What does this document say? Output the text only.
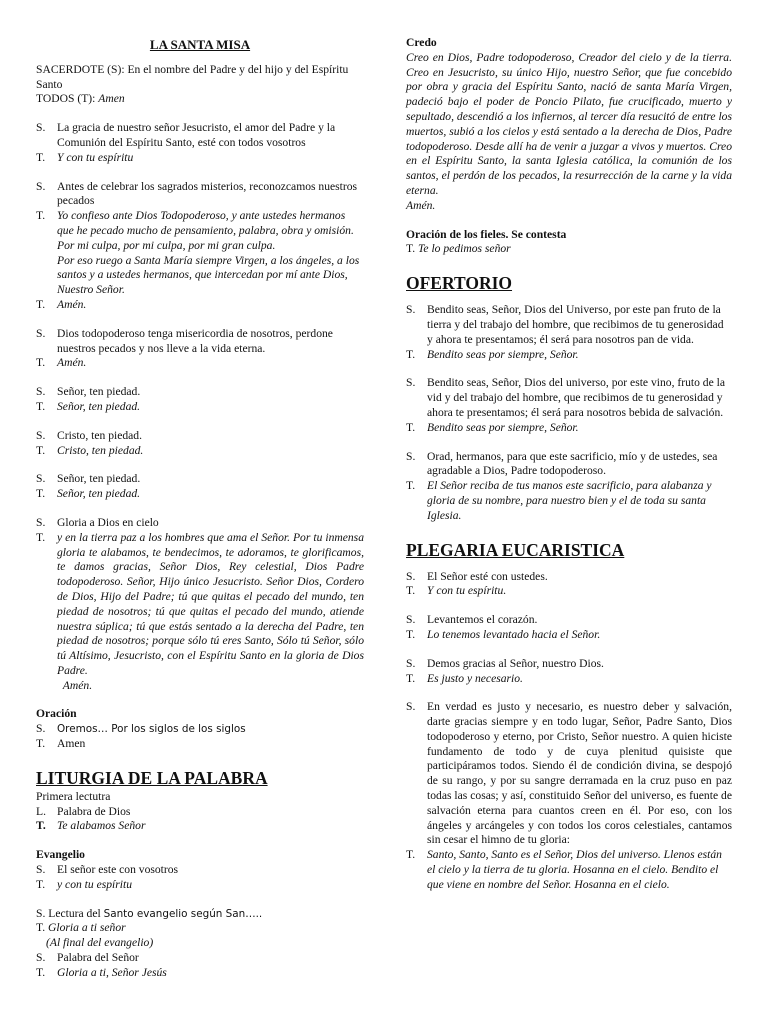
LA SANTA MISA

SACERDOTE (S): En el nombre del Padre y del hijo y del Espíritu Santo

TODOS (T): Amen

S.	La gracia de nuestro señor Jesucristo, el amor del Padre y la Comunión del Espíritu Santo, esté con todos vosotros
T.	Y con tu espíritu
S.	Antes de celebrar los sagrados misterios, reconozcamos nuestros pecados
T.	Yo confieso ante Dios Todopoderoso, y ante ustedes hermanos que he pecado mucho de pensamiento, palabra, obra y omisión.
Por mi culpa, por mi culpa, por mi gran culpa.
Por eso ruego a Santa María siempre Virgen, a los ángeles, a los santos y a ustedes hermanos, que intercedan por mí ante Dios, Nuestro Señor.
T.	Amén.
S.	Dios todopoderoso tenga misericordia de nosotros, perdone nuestros pecados y nos lleve a la vida eterna.
T.	Amén.
S.	Señor, ten piedad.
T.	Señor, ten piedad.
S.	Cristo, ten piedad.
T.	Cristo, ten piedad.
S.	Señor, ten piedad.
T.	Señor, ten piedad.
S.	Gloria a Dios en cielo
T.	y en la tierra paz a los hombres que ama el Señor. Por tu inmensa gloria te alabamos, te bendecimos, te adoramos, te glorificamos, te damos gracias, Señor Dios, Rey celestial, Dios Padre todopoderoso. Señor, Hijo único Jesucristo. Señor Dios, Cordero de Dios, Hijo del Padre; tú que quitas el pecado del mundo, ten piedad de nosotros; tú que quitas el pecado del mundo, atiende nuestra súplica; tú que estás sentado a la derecha del Padre, ten piedad de nosotros; porque sólo tú eres Santo, Sólo tú Señor, sólo tú Altísimo, Jesucristo, con el Espíritu Santo en la gloria de Dios Padre.
Amén.

Oración

S.	Oremos… Por los siglos de los siglos
T.	Amen

LITURGIA DE LA PALABRA

Primera lectutra

L. Palabra de Dios
T. Te alabamos Señor

Evangelio

S.	El señor este con vosotros
T.	y con tu espíritu

S. Lectura del Santo evangelio según San…..

T. Gloria a ti señor

(Al final del evangelio)

S.	Palabra del Señor
T.	Gloria a ti, Señor Jesús

Credo

Creo en Dios, Padre todopoderoso, Creador del cielo y de la tierra. Creo en Jesucristo, su único Hijo, nuestro Señor, que fue concebido por obra y gracia del Espíritu Santo, nació de santa María Virgen, padeció bajo el poder de Poncio Pilato, fue crucificado, muerto y sepultado, descendió a los infiernos, al tercer día resucitó de entre los muertos, subió a los cielos y está sentado a la derecha de Dios, Padre todopoderoso. Desde allí ha de venir a juzgar a vivos y muertos. Creo en el Espíritu Santo, la santa Iglesia católica, la comunión de los santos, el perdón de los pecados, la resurrección de la carne y la vida eterna.

Amén.

Oración de los fieles. Se contesta

T. Te lo pedimos señor

OFERTORIO

S.	Bendito seas, Señor, Dios del Universo, por este pan fruto de la tierra y del trabajo del hombre, que recibimos de tu generosidad y ahora te presentamos; él será para nosotros pan de vida.
T.	Bendito seas por siempre, Señor.
S.	Bendito seas, Señor, Dios del universo, por este vino, fruto de la vid y del trabajo del hombre, que recibimos de tu generosidad y ahora te presentamos; él será para nosotros bebida de salvación.
T.	Bendito seas por siempre, Señor.
S.	Orad, hermanos, para que este sacrificio, mío y de ustedes, sea agradable a Dios, Padre todopoderoso.
T.	El Señor reciba de tus manos este sacrificio, para alabanza y gloria de su nombre, para nuestro bien y el de toda su santa Iglesia.

PLEGARIA EUCARISTICA

S.	El Señor esté con ustedes.
T.	Y con tu espíritu.
S.	Levantemos el corazón.
T.	Lo tenemos levantado hacia el Señor.
S.	Demos gracias al Señor, nuestro Dios.
T.	Es justo y necesario.
S.	En verdad es justo y necesario, es nuestro deber y salvación, darte gracias siempre y en todo lugar, Señor, Padre Santo, Dios todopoderoso y eterno, por Cristo, Señor nuestro. A quien hiciste fundamento de todo y de cuya plenitud quisiste que participáramos todos. Siendo él de condición divina, se despojó de su rango, y por su sangre derramada en la cruz puso en paz todas las cosas; y así, constituido Señor del universo, es fuente de salvación eterna para cuantos creen en él. Por eso, con los ángeles y arcángeles y con todos los coros celestiales, cantamos sin cesar el himno de tu gloria:
T.	Santo, Santo, Santo es el Señor, Dios del universo. Llenos están el cielo y la tierra de tu gloria. Hosanna en el cielo. Bendito el que viene en nombre del Señor. Hosanna en el cielo.
